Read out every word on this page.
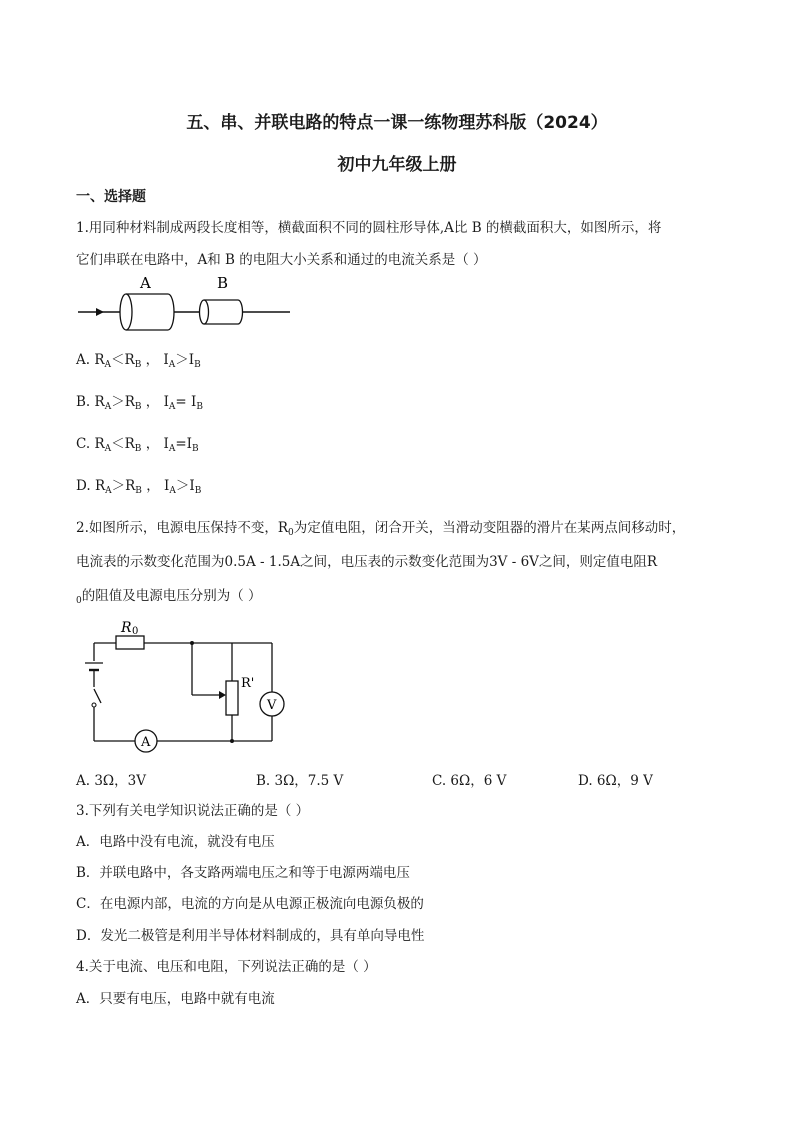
五、串、并联电路的特点一课一练物理苏科版（2024）
初中九年级上册
一、选择题
1.用同种材料制成两段长度相等，横截面积不同的圆柱形导体,A比 B 的横截面积大，如图所示，将
它们串联在电路中，A和 B 的电阻大小关系和通过的电流关系是（ ）
A	B
A. $R_A<R_B$ ， $I_A>I_B$
B. $R_A>R_B$ ， $I_A= I_B$
C. $R_A<R_B$ ， $I_A=I_B$
D. $R_A>R_B$ ， $I_A>I_B$
2.如图所示，电源电压保持不变，$R_0$为定值电阻，闭合开关，当滑动变阻器的滑片在某两点间移动时，
电流表的示数变化范围为0.5A - 1.5A之间，电压表的示数变化范围为3V - 6V之间，则定值电阻R
$_0$的阻值及电源电压分别为（ ）
R 0
A
R'
V
A. 3Ω，3V	B. 3Ω，7.5 V	C. 6Ω，6 V	D. 6Ω，9 V
3.下列有关电学知识说法正确的是（ ）
A．电路中没有电流，就没有电压
B．并联电路中，各支路两端电压之和等于电源两端电压
C．在电源内部，电流的方向是从电源正极流向电源负极的
D．发光二极管是利用半导体材料制成的，具有单向导电性
4.关于电流、电压和电阻，下列说法正确的是（ ）
A．只要有电压，电路中就有电流
